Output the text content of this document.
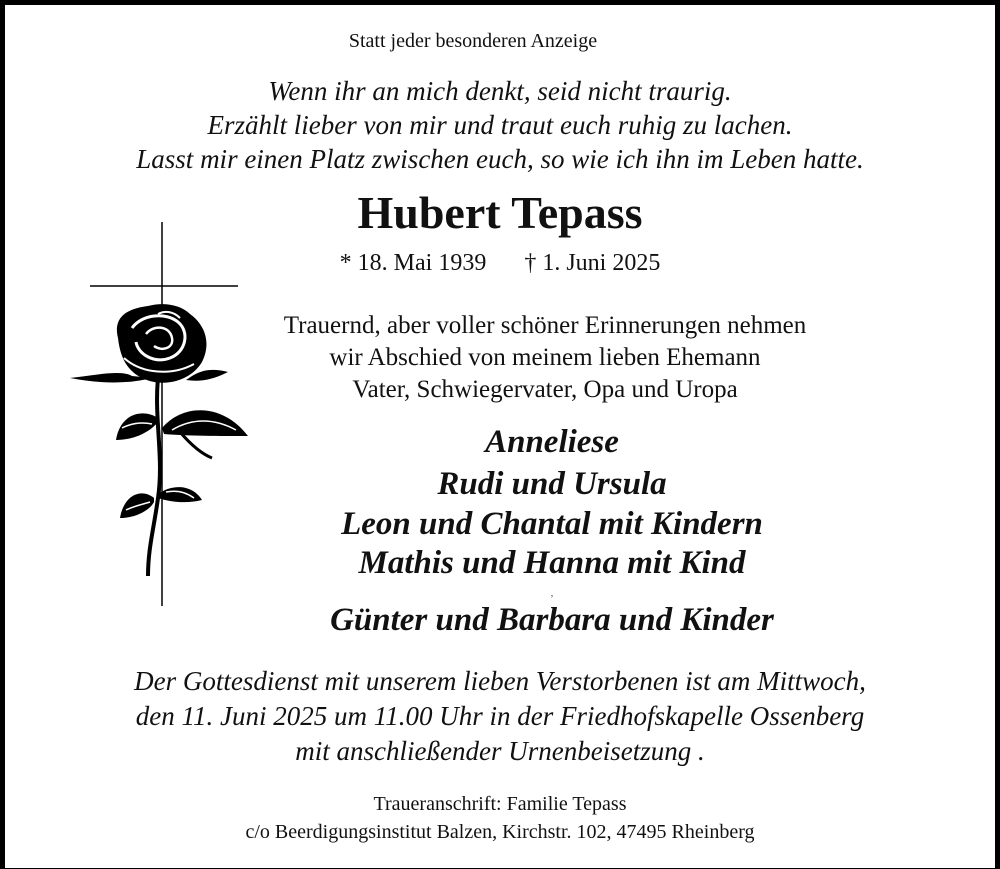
Statt jeder besonderen Anzeige

Wenn ihr an mich denkt, seid nicht traurig.

Erzählt lieber von mir und traut euch ruhig zu lachen.

Lasst mir einen Platz zwischen euch, so wie ich ihn im Leben hatte.

Hubert Tepass

* 18. Mai 1939 † 1. Juni 2025

Trauernd, aber voller schöner Erinnerungen nehmen

wir Abschied von meinem lieben Ehemann

Vater, Schwiegervater, Opa und Uropa

Anneliese

Rudi und Ursula

Leon und Chantal mit Kindern

Mathis und Hanna mit Kind

,

Günter und Barbara und Kinder

Der Gottesdienst mit unserem lieben Verstorbenen ist am Mittwoch,

den 11. Juni 2025 um 11.00 Uhr in der Friedhofskapelle Ossenberg

mit anschließender Urnenbeisetzung .

Traueranschrift: Familie Tepass

c/o Beerdigungsinstitut Balzen, Kirchstr. 102, 47495 Rheinberg
